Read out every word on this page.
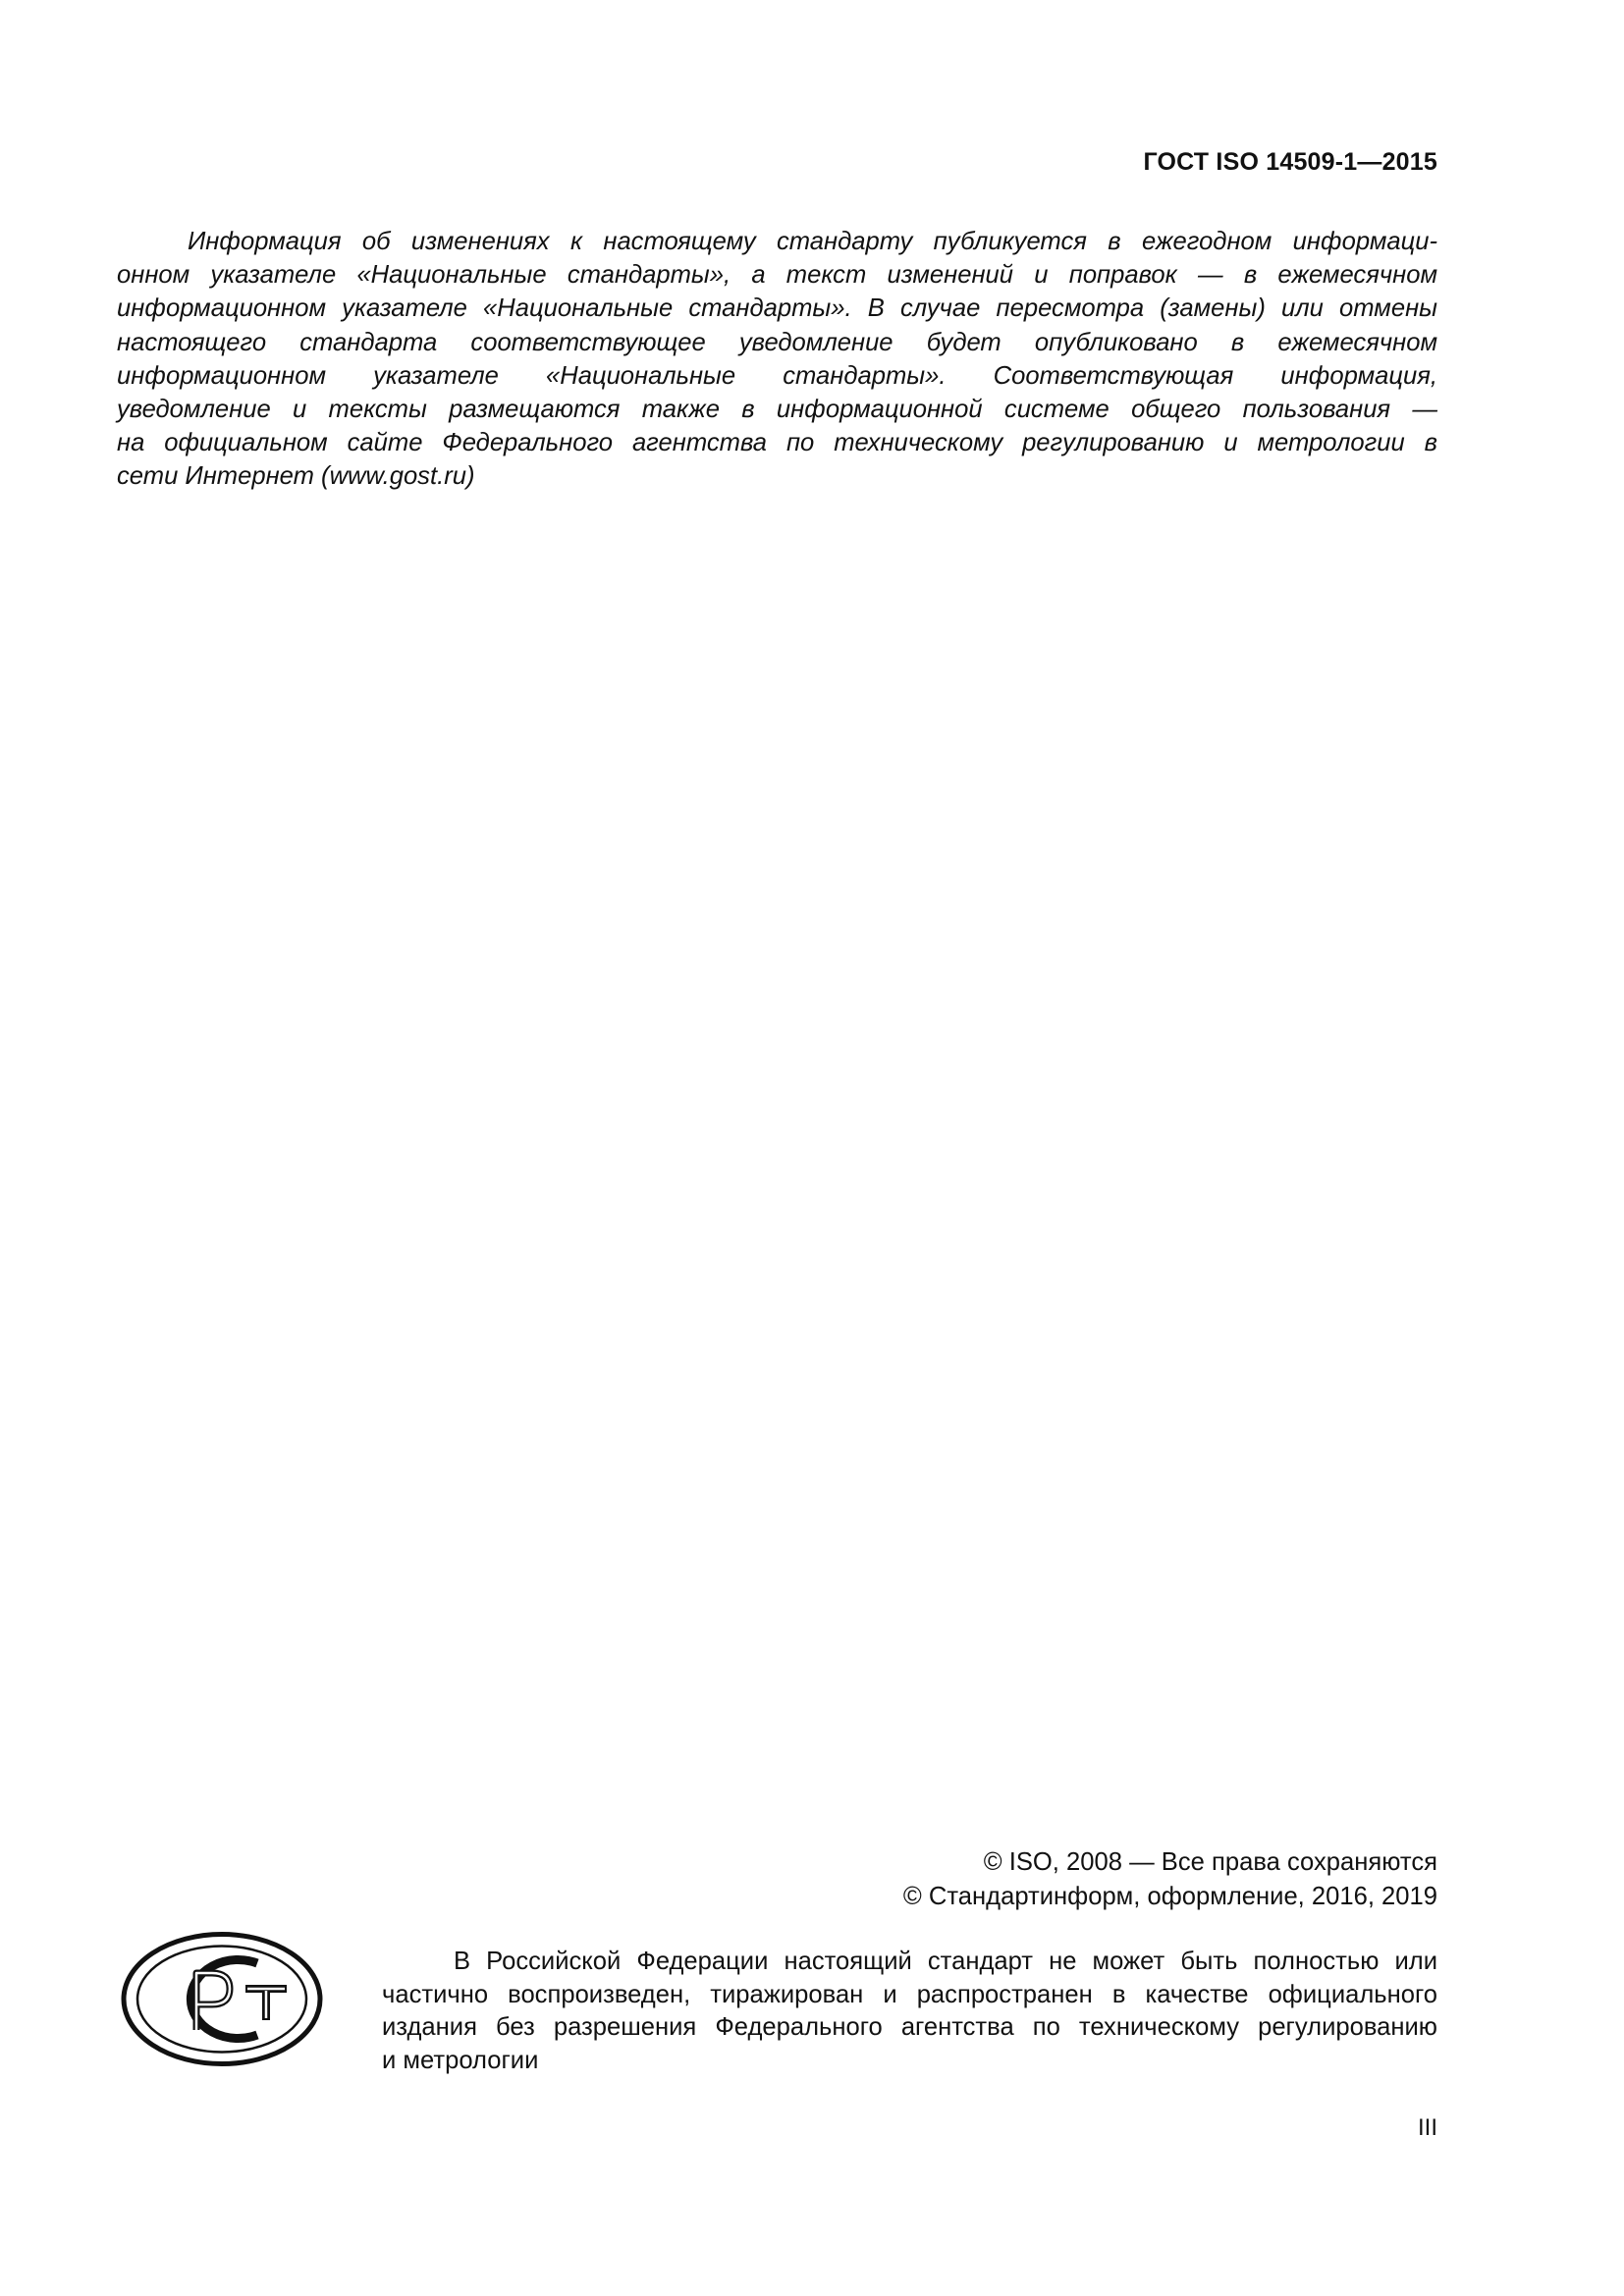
ГОСТ ISO 14509-1—2015
Информация об изменениях к настоящему стандарту публикуется в ежегодном информаци-
онном указателе «Национальные стандарты», а текст изменений и поправок — в ежемесячном
информационном указателе «Национальные стандарты». В случае пересмотра (замены) или отмены
настоящего стандарта соответствующее уведомление будет опубликовано в ежемесячном
информационном указателе «Национальные стандарты». Соответствующая информация,
уведомление и тексты размещаются также в информационной системе общего пользования —
на официальном сайте Федерального агентства по техническому регулированию и метрологии в
сети Интернет (www.gost.ru)
© ISO, 2008 — Все права сохраняются
© Стандартинформ, оформление, 2016, 2019
В Российской Федерации настоящий стандарт не может быть полностью или
частично воспроизведен, тиражирован и распространен в качестве официального
издания без разрешения Федерального агентства по техническому регулированию
и метрологии
III
